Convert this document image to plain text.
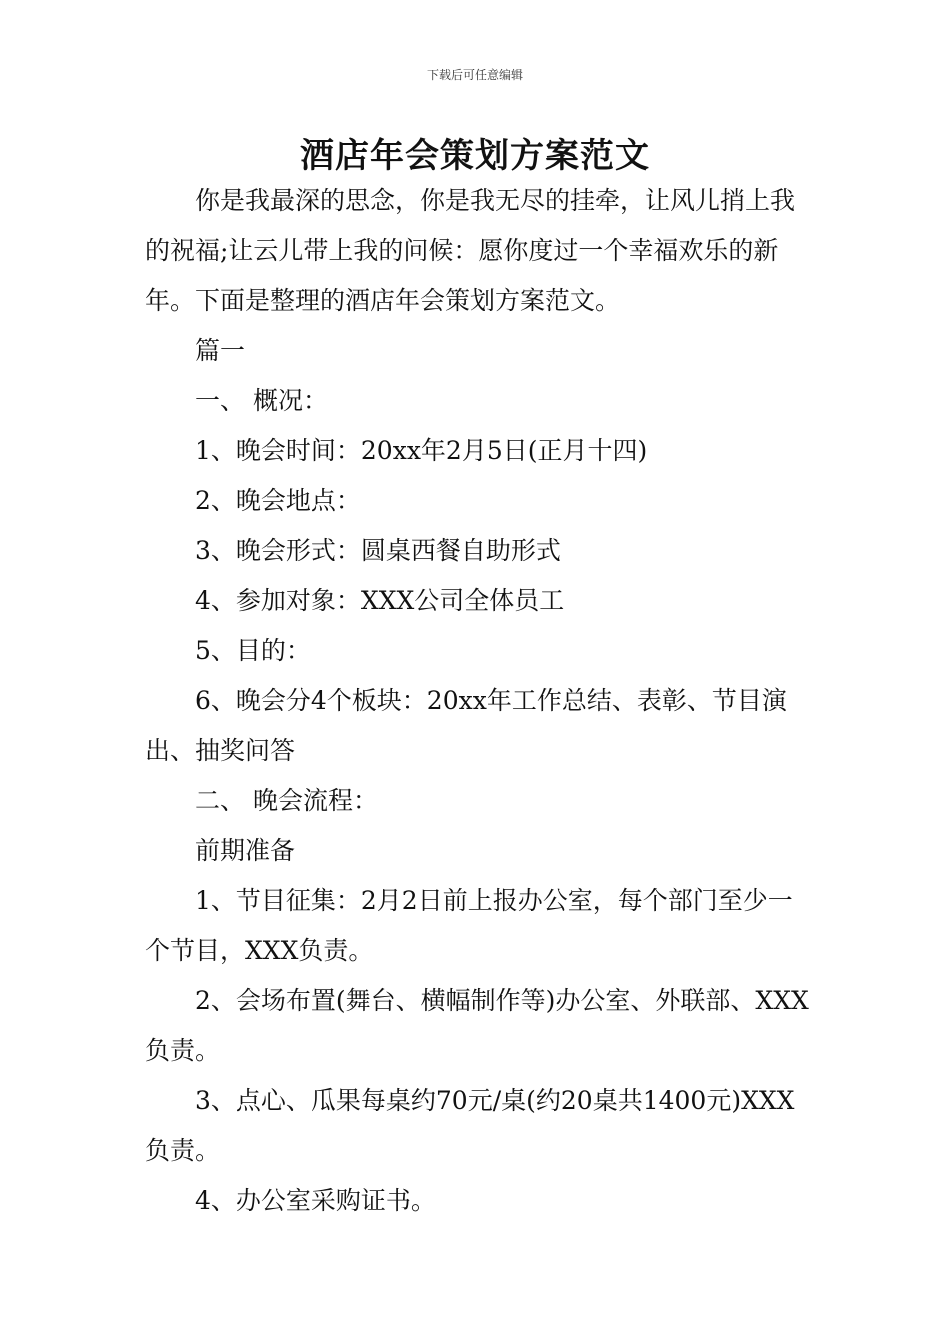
下载后可任意编辑
酒店年会策划方案范文

你是我最深的思念，你是我无尽的挂牵，让风儿捎上我的祝福;让云儿带上我的问候：愿你度过一个幸福欢乐的新年。下面是整理的酒店年会策划方案范文。

篇一

一、 概况：

1、晚会时间：20xx年2月5日(正月十四)

2、晚会地点：

3、晚会形式：圆桌西餐自助形式

4、参加对象：XXX公司全体员工

5、目的：

6、晚会分4个板块：20xx年工作总结、表彰、节目演出、抽奖问答

二、 晚会流程：

前期准备

1、节目征集：2月2日前上报办公室，每个部门至少一个节目，XXX负责。

2、会场布置(舞台、横幅制作等)办公室、外联部、XXX负责。

3、点心、瓜果每桌约70元/桌(约20桌共1400元)XXX负责。

4、办公室采购证书。
